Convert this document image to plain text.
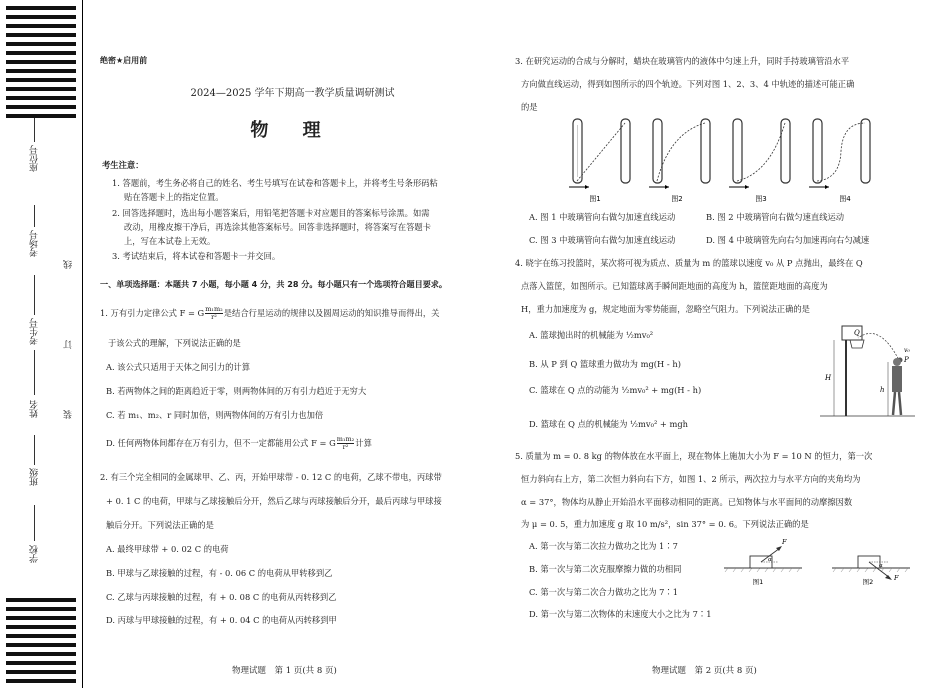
座位号
考场号
考生号
姓名
班级
学校
线
订
装
绝密★启用前
2024—2025 学年下期高一教学质量调研测试
物 理
考生注意：
1. 答题前，考生务必将自己的姓名、考生号填写在试卷和答题卡上，并将考生号条形码粘
贴在答题卡上的指定位置。
2. 回答选择题时，选出每小题答案后，用铅笔把答题卡对应题目的答案标号涂黑。如需
改动，用橡皮擦干净后，再选涂其他答案标号。回答非选择题时，将答案写在答题卡
上，写在本试卷上无效。
3. 考试结束后，将本试卷和答题卡一并交回。
一、单项选择题：本题共 7 小题，每小题 4 分，共 28 分。每小题只有一个选项符合题目要求。
1. 万有引力定律公式 F = G $\frac{\text{m₁m₂}}{\text{r²}}$ 是结合行星运动的规律以及圆周运动的知识推导而得出，关
于该公式的理解，下列说法正确的是
A. 该公式只适用于天体之间引力的计算
B. 若两物体之间的距离趋近于零，则两物体间的万有引力趋近于无穷大
C. 若 m₁、m₂、r 同时加倍，则两物体间的万有引力也加倍
D. 任何两物体间都存在万有引力，但不一定都能用公式 F = G $\frac{\text{m₁m₂}}{\text{r²}}$ 计算
2. 有三个完全相同的金属球甲、乙、丙，开始甲球带 - 0. 12 C 的电荷，乙球不带电，丙球带
+ 0. 1 C 的电荷，甲球与乙球接触后分开，然后乙球与丙球接触后分开，最后丙球与甲球接
触后分开。下列说法正确的是
A. 最终甲球带 + 0. 02 C 的电荷
B. 甲球与乙球接触的过程，有 - 0. 06 C 的电荷从甲转移到乙
C. 乙球与丙球接触的过程，有 + 0. 08 C 的电荷从丙转移到乙
D. 丙球与甲球接触的过程，有 + 0. 04 C 的电荷从丙转移到甲
物理试题　第 1 页(共 8 页)
3. 在研究运动的合成与分解时，蜡块在玻璃管内的液体中匀速上升，同时手持玻璃管沿水平
方向做直线运动，得到如图所示的四个轨迹。下列对图 1、2、3、4 中轨迹的描述可能正确
的是
图1	图2	图3	图4
A. 图 1 中玻璃管向右做匀加速直线运动	B. 图 2 中玻璃管向右做匀速直线运动
C. 图 3 中玻璃管向右做匀加速直线运动	D. 图 4 中玻璃管先向右匀加速再向右匀减速
4. 晓宇在练习投篮时，某次将可视为质点、质量为 m 的篮球以速度 v₀ 从 P 点抛出，最终在 Q
点落入篮筐，如图所示。已知篮球离手瞬间距地面的高度为 h，篮筐距地面的高度为
H，重力加速度为 g，规定地面为零势能面，忽略空气阻力。下列说法正确的是
A. 篮球抛出时的机械能为 ½mv₀²
B. 从 P 到 Q 篮球重力做功为 mg(H - h)
C. 篮球在 Q 点的动能为 ½mv₀² + mg(H - h)
D. 篮球在 Q 点的机械能为 ½mv₀² + mgh
Q
v₀
P
H
h
5. 质量为 m = 0. 8 kg 的物体放在水平面上，现在物体上施加大小为 F = 10 N 的恒力，第一次
恒力斜向右上方，第二次恒力斜向右下方，如图 1、2 所示，两次拉力与水平方向的夹角均为
α = 37°，物体均从静止开始沿水平面移动相同的距离。已知物体与水平面间的动摩擦因数
为 μ = 0. 5，重力加速度 g 取 10 m/s²，sin 37° = 0. 6。下列说法正确的是
A. 第一次与第二次拉力做功之比为 1∶7
B. 第一次与第二次克服摩擦力做的功相同
C. 第一次与第二次合力做功之比为 7∶1
D. 第一次与第二次物体的末速度大小之比为 7∶1
F
α
图1	F
α
图2
物理试题　第 2 页(共 8 页)
